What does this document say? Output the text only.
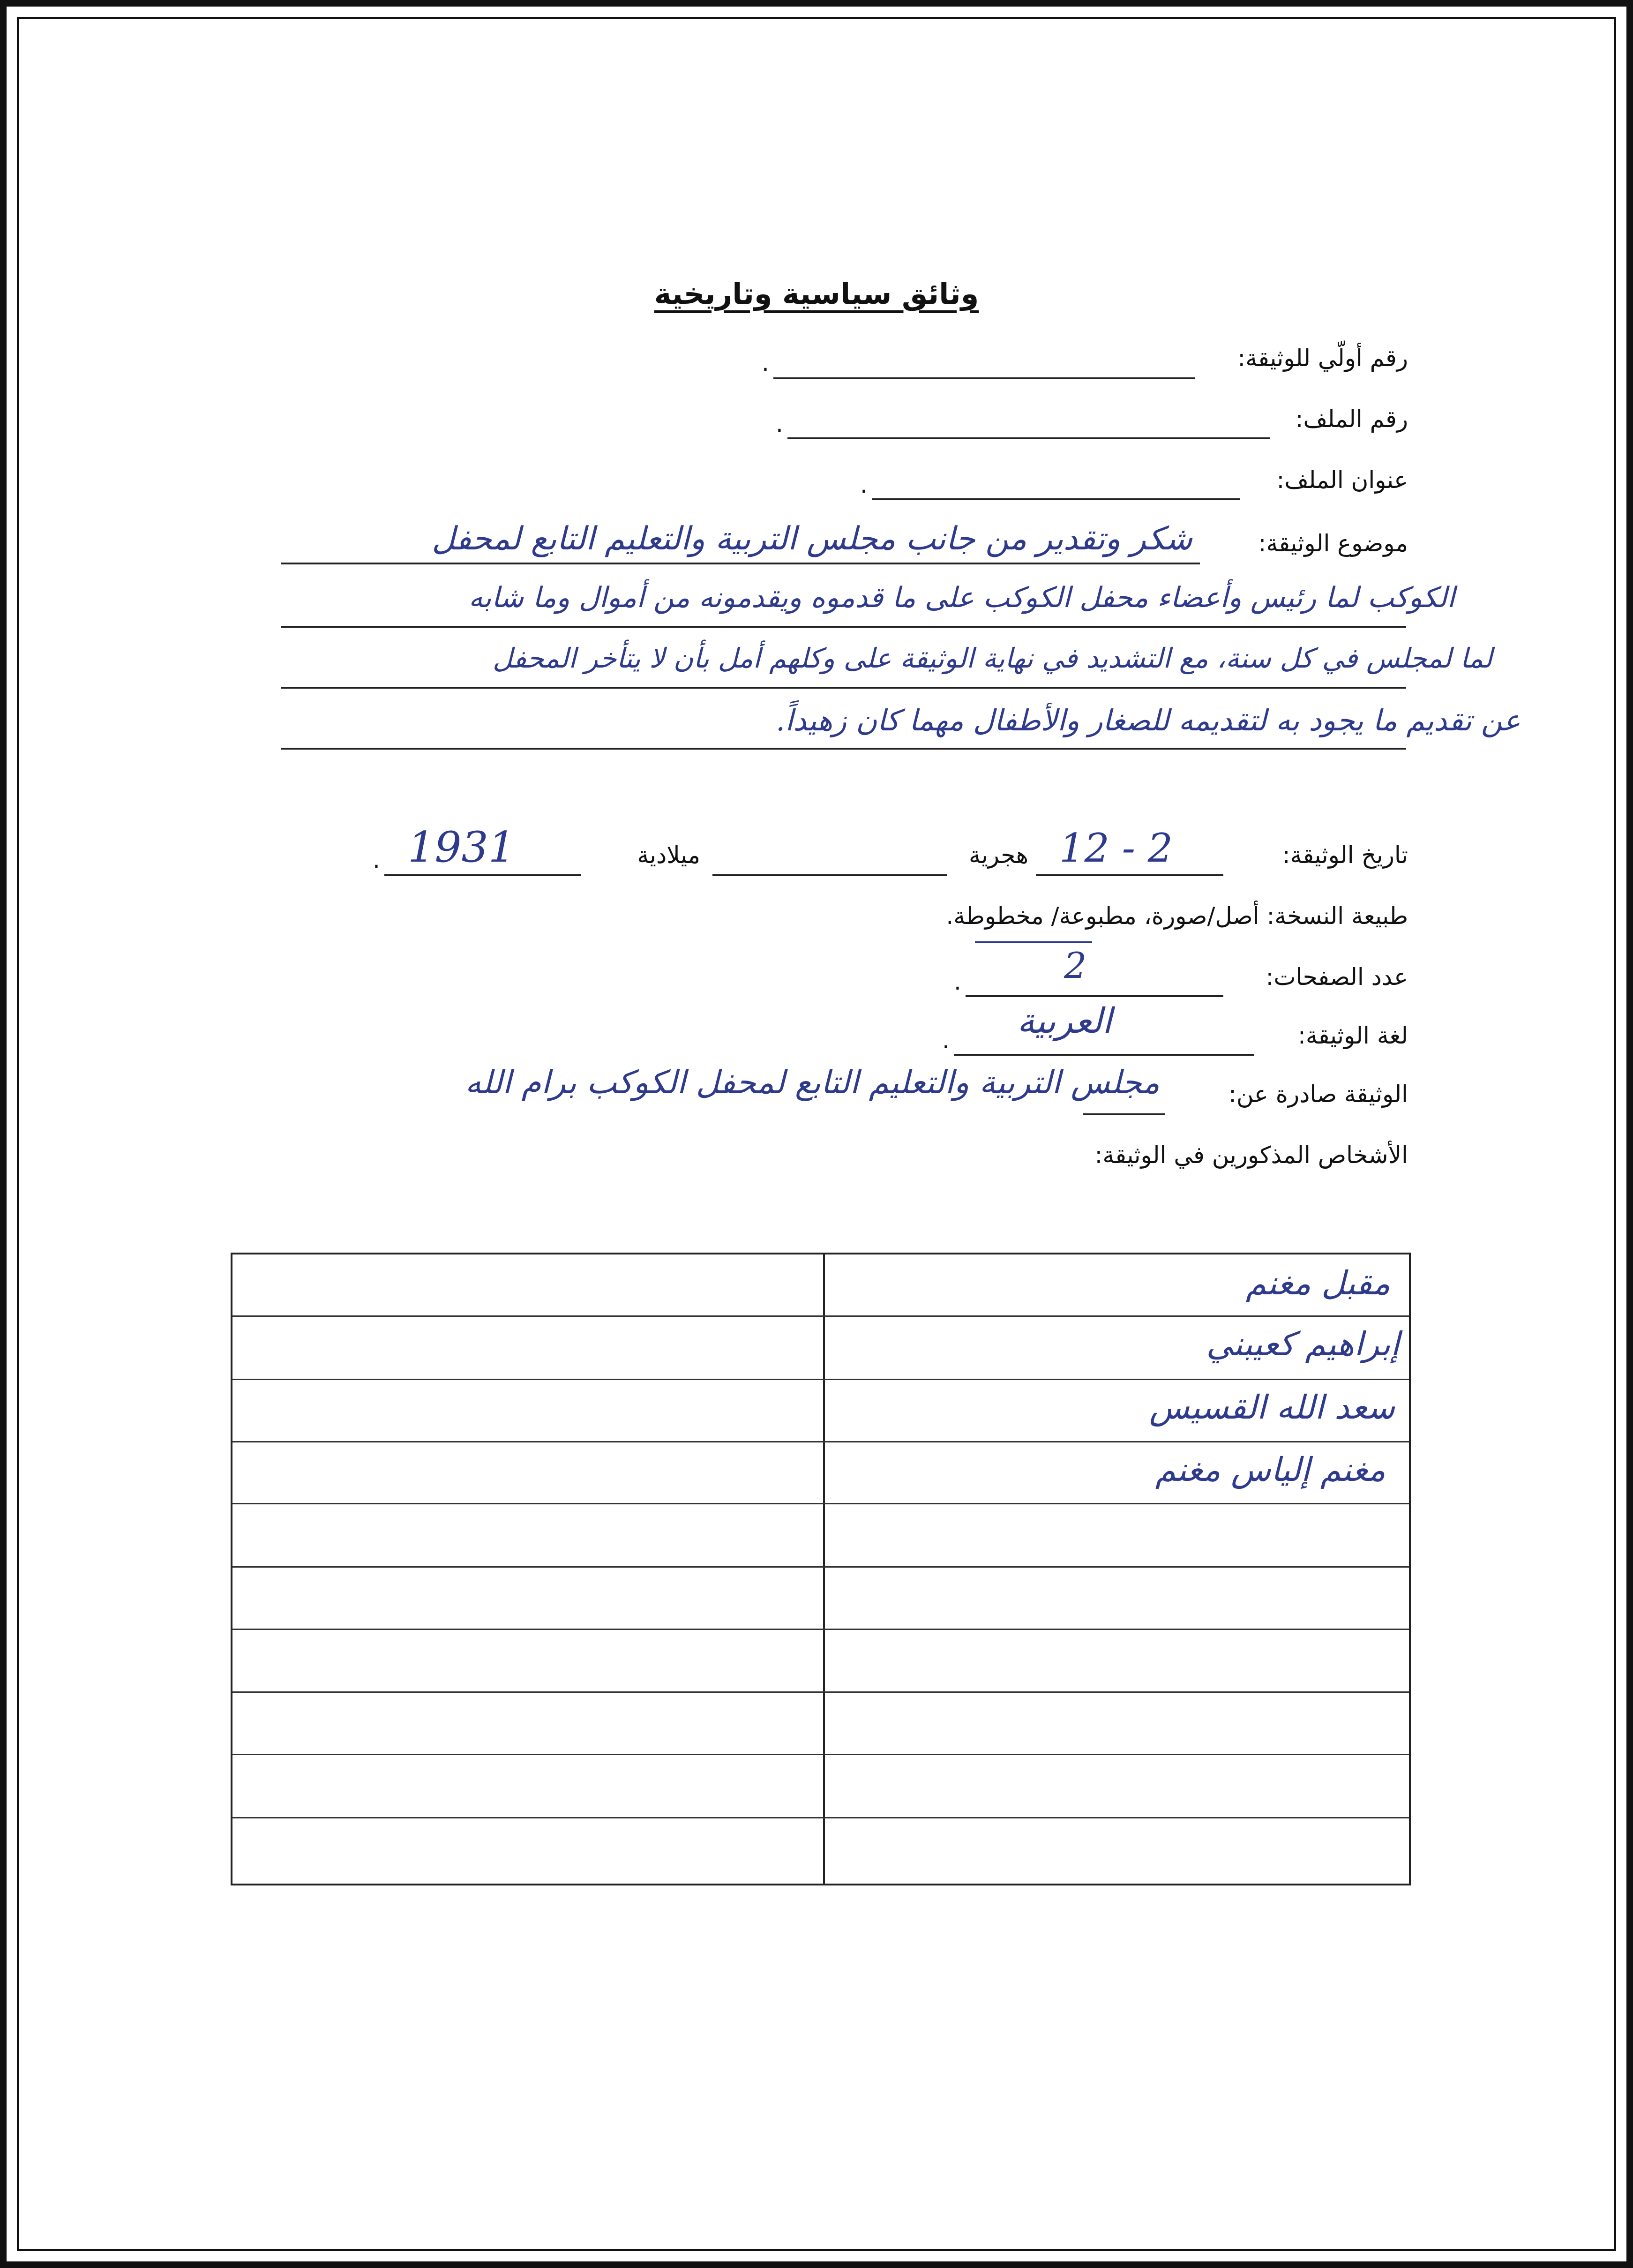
وثائق سياسية وتاريخية
رقم أولّي للوثيقة:
.
رقم الملف:
.
عنوان الملف:
.
موضوع الوثيقة:
شكر وتقدير من جانب مجلس التربية والتعليم التابع لمحفل
الكوكب لما رئيس وأعضاء محفل الكوكب على ما قدموه ويقدمونه من أموال وما شابه
لما لمجلس في كل سنة، مع التشديد في نهاية الوثيقة على وكلهم أمل بأن لا يتأخر المحفل
عن تقديم ما يجود به لتقديمه للصغار والأطفال مهما كان زهيداً.
تاريخ الوثيقة:
12 - 2
هجرية
ميلادية
1931
.
طبيعة النسخة: أصل/صورة، مطبوعة/ مخطوطة.
عدد الصفحات:
2
.
لغة الوثيقة:
العربية
.
الوثيقة صادرة عن:
مجلس التربية والتعليم التابع لمحفل الكوكب برام الله
الأشخاص المذكورين في الوثيقة:
مقبل مغنم
إبراهيم كعيبني
سعد الله القسيس
مغنم إلياس مغنم
